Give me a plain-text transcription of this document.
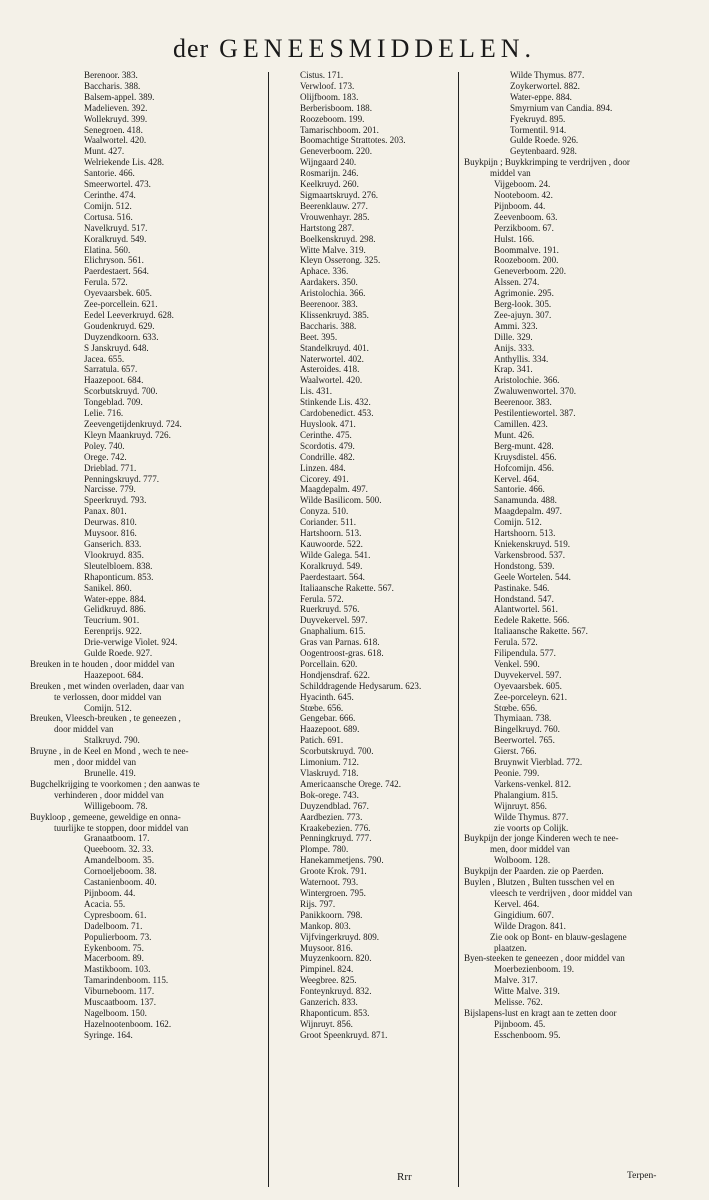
der GENEESMIDDELEN.
Berenoor. 383.
Baccharis. 388.
Balsem-appel. 389.
Madelieven. 392.
Wollekruyd. 399.
Senegroen. 418.
Waalwortel. 420.
Munt. 427.
Welriekende Lis. 428.
Santorie. 466.
Smeerwortel. 473.
Cerinthe. 474.
Comijn. 512.
Cortusa. 516.
Navelkruyd. 517.
Koralkruyd. 549.
Elatina. 560.
Elichryson. 561.
Paerdestaert. 564.
Ferula. 572.
Oyevaarsbek. 605.
Zee-porcellein. 621.
Eedel Leeverkruyd. 628.
Goudenkruyd. 629.
Duyzendkoorn. 633.
S Janskruyd. 648.
Jacea. 655.
Sarratula. 657.
Haazepoot. 684.
Scorbutskruyd. 700.
Tongeblad. 709.
Lelie. 716.
Zeevengetijdenkruyd. 724.
Kleyn Maankruyd. 726.
Poley. 740.
Orege. 742.
Drieblad. 771.
Penningskruyd. 777.
Narcisse. 779.
Speerkruyd. 793.
Panax. 801.
Deurwas. 810.
Muysoor. 816.
Ganserich. 833.
Vlookruyd. 835.
Sleutelbloem. 838.
Rhaponticum. 853.
Sanikel. 860.
Water-eppe. 884.
Gelidkruyd. 886.
Teucrium. 901.
Eerenprijs. 922.
Drie-verwige Violet. 924.
Gulde Roede. 927.
Breuken in te houden , door middel van
Haazepoot. 684.
Breuken , met winden overladen, daar van
te verlossen, door middel van
Comijn. 512.
Breuken, Vleesch-breuken , te geneezen ,
door middel van
Stalkruyd. 790.
Bruyne , in de Keel en Mond , wech te nee-
men , door middel van
Brunelle. 419.
Bugchelkrijging te voorkomen ; den aanwas te
verhinderen , door middel van
Willigeboom. 78.
Buykloop , gemeene, geweldige en onna-
tuurlijke te stoppen, door middel van
Granaatboom. 17.
Queeboom. 32. 33.
Amandelboom. 35.
Cornoeljeboom. 38.
Castanienboom. 40.
Pijnboom. 44.
Acacia. 55.
Cypresboom. 61.
Dadelboom. 71.
Populierboom. 73.
Eykenboom. 75.
Macerboom. 89.
Mastikboom. 103.
Tamarindenboom. 115.
Viburneboom. 117.
Muscaatboom. 137.
Nagelboom. 150.
Hazelnootenboom. 162.
Syringe. 164.
Cistus. 171.
Verwloof. 173.
Olijfboom. 183.
Berberisboom. 188.
Roozeboom. 199.
Tamarischboom. 201.
Boomachtige Strattotes. 203.
Geneverboom. 220.
Wijngaard 240.
Rosmarijn. 246.
Keelkruyd. 260.
Sigmaartskruyd. 276.
Beerenklauw. 277.
Vrouwenhayr. 285.
Hartstong 287.
Boelkenskruyd. 298.
Witte Malve. 319.
Kleyn Osseтong. 325.
Aphace. 336.
Aardakers. 350.
Aristolochia. 366.
Beerenoor. 383.
Klissenkruyd. 385.
Baccharis. 388.
Beet. 395.
Standelkruyd. 401.
Naterwortel. 402.
Asteroides. 418.
Waalwortel. 420.
Lis. 431.
Stinkende Lis. 432.
Cardobenedict. 453.
Huyslook. 471.
Cerinthe. 475.
Scordotis. 479.
Condrille. 482.
Linzen. 484.
Cicorey. 491.
Maagdepalm. 497.
Wilde Basilicom. 500.
Conyza. 510.
Coriander. 511.
Hartshoorn. 513.
Kauwoorde. 522.
Wilde Galega. 541.
Koralkruyd. 549.
Paerdestaart. 564.
Italiaansche Rakette. 567.
Ferula. 572.
Ruerkruyd. 576.
Duyvekervel. 597.
Gnaphalium. 615.
Gras van Parnas. 618.
Oogentroost-gras. 618.
Porcellain. 620.
Hondjensdraf. 622.
Schilddragende Hedysarum. 623.
Hyacinth. 645.
Stœbe. 656.
Gengebar. 666.
Haazepoot. 689.
Patich. 691.
Scorbutskruyd. 700.
Limonium. 712.
Vlaskruyd. 718.
Americaansche Orege. 742.
Bok-orege. 743.
Duyzendblad. 767.
Aardbezien. 773.
Kraakebezien. 776.
Penningkruyd. 777.
Plompe. 780.
Hanekammetjens. 790.
Groote Krok. 791.
Waternoot. 793.
Wintergroen. 795.
Rijs. 797.
Panikkoorn. 798.
Mankop. 803.
Vijfvingerkruyd. 809.
Muysoor. 816.
Muyzenkoorn. 820.
Pimpinel. 824.
Weegbree. 825.
Fonteynkruyd. 832.
Ganzerich. 833.
Rhaponticum. 853.
Wijnruyt. 856.
Groot Speenkruyd. 871.
Wilde Thymus. 877.
Zoykerwortel. 882.
Water-eppe. 884.
Smyrnium van Candia. 894.
Fyekruyd. 895.
Tormentil. 914.
Gulde Roede. 926.
Geytenbaard. 928.
Buykpijn ; Buykkrimping te verdrijven , door
middel van
Vijgeboom. 24.
Nooteboom. 42.
Pijnboom. 44.
Zeevenboom. 63.
Perzikboom. 67.
Hulst. 166.
Boommalve. 191.
Roozeboom. 200.
Geneverboom. 220.
Alssen. 274.
Agrimonie. 295.
Berg-look. 305.
Zee-ajuyn. 307.
Ammi. 323.
Dille. 329.
Anijs. 333.
Anthyllis. 334.
Krap. 341.
Aristolochie. 366.
Zwaluwenwortel. 370.
Beerenoor. 383.
Pestilentiewortel. 387.
Camillen. 423.
Munt. 426.
Berg-munt. 428.
Kruysdistel. 456.
Hofcomijn. 456.
Kervel. 464.
Santorie. 466.
Sanamunda. 488.
Maagdepalm. 497.
Comijn. 512.
Hartshoorn. 513.
Kniekenskruyd. 519.
Varkensbrood. 537.
Hondstong. 539.
Geele Wortelen. 544.
Pastinake. 546.
Hondstand. 547.
Alantwortel. 561.
Eedele Rakette. 566.
Italiaansche Rakette. 567.
Ferula. 572.
Filipendula. 577.
Venkel. 590.
Duyvekervel. 597.
Oyevaarsbek. 605.
Zee-porceleyn. 621.
Stœbe. 656.
Thymiaan. 738.
Bingelkruyd. 760.
Beerwortel. 765.
Gierst. 766.
Bruynwit Vierblad. 772.
Peonie. 799.
Varkens-venkel. 812.
Phalangium. 815.
Wijnruyt. 856.
Wilde Thymus. 877.
zie voorts op Colijk.
Buykpijn der jonge Kinderen wech te nee-
men, door middel van
Wolboom. 128.
Buykpijn der Paarden. zie op Paerden.
Buylen , Blutzen , Bulten tusschen vel en
vleesch te verdrijven , door middel van
Kervel. 464.
Gingidium. 607.
Wilde Dragon. 841.
Zie ook op Bont- en blauw-geslagene
plaatzen.
Byen-steeken te geneezen , door middel van
Moerbezienboom. 19.
Malve. 317.
Witte Malve. 319.
Melisse. 762.
Bijslapens-lust en kragt aan te zetten door
Pijnboom. 45.
Esschenboom. 95.
Rrr	Terpen-
